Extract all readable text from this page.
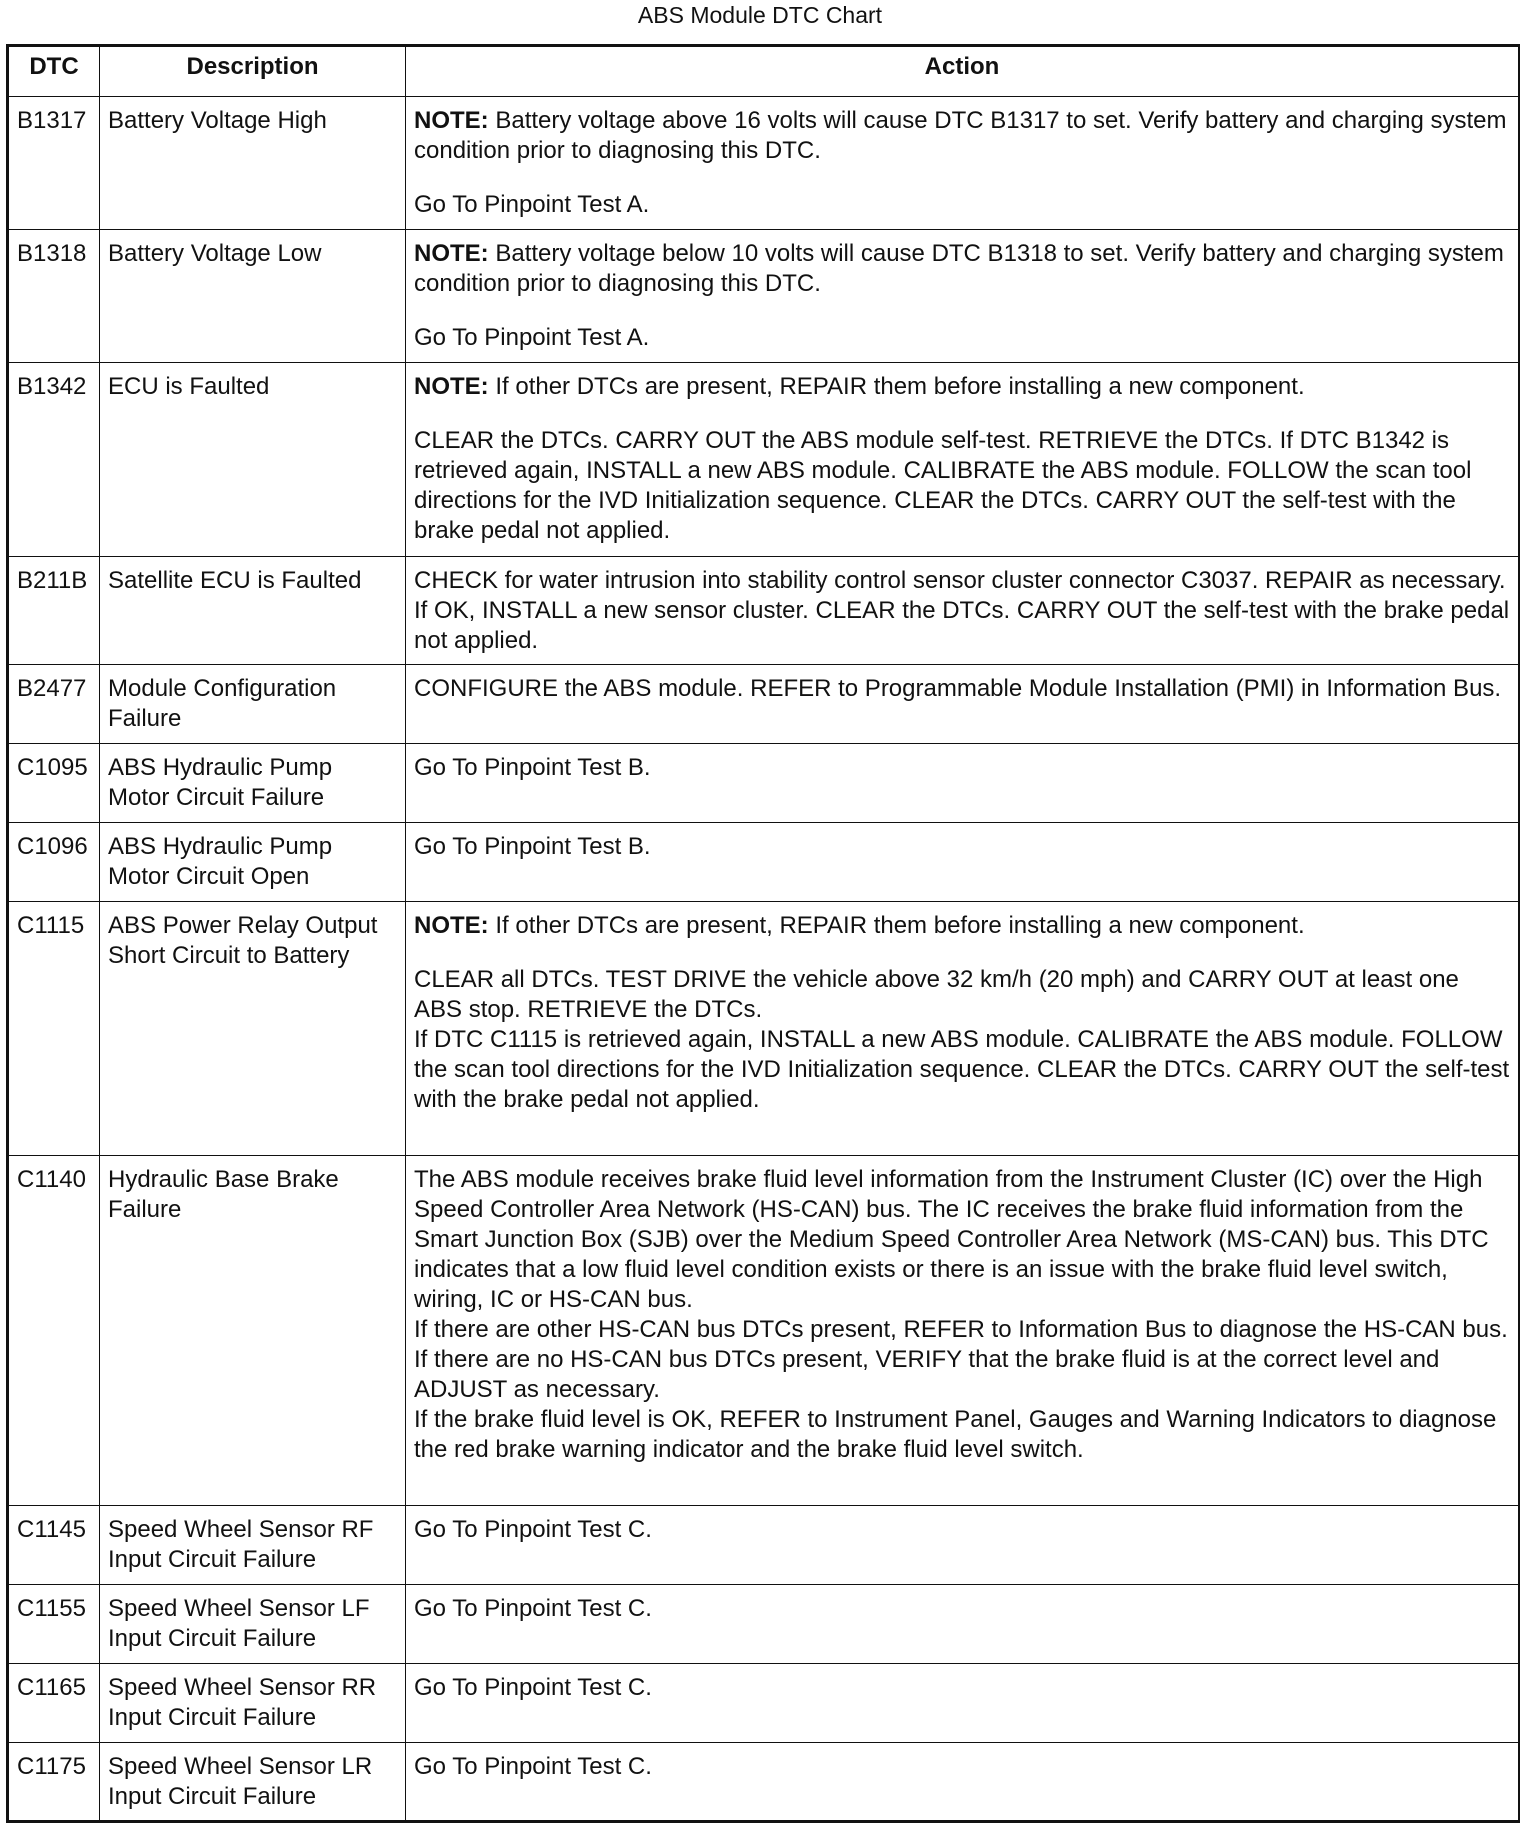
ABS Module DTC Chart
DTC	Description	Action
B1317	Battery Voltage High	NOTE: Battery voltage above 16 volts will cause DTC B1317 to set. Verify battery and charging system condition prior to diagnosing this DTC.

Go To Pinpoint Test A.

B1318	Battery Voltage Low	NOTE: Battery voltage below 10 volts will cause DTC B1318 to set. Verify battery and charging system condition prior to diagnosing this DTC.

Go To Pinpoint Test A.

B1342	ECU is Faulted	NOTE: If other DTCs are present, REPAIR them before installing a new component.

CLEAR the DTCs. CARRY OUT the ABS module self-test. RETRIEVE the DTCs. If DTC B1342 is retrieved again, INSTALL a new ABS module. CALIBRATE the ABS module. FOLLOW the scan tool directions for the IVD Initialization sequence. CLEAR the DTCs. CARRY OUT the self-test with the brake pedal not applied.

B211B	Satellite ECU is Faulted	CHECK for water intrusion into stability control sensor cluster connector C3037. REPAIR as necessary. If OK, INSTALL a new sensor cluster. CLEAR the DTCs. CARRY OUT the self-test with the brake pedal not applied.

B2477	Module Configuration Failure	CONFIGURE the ABS module. REFER to Programmable Module Installation (PMI) in Information Bus.

C1095	ABS Hydraulic Pump Motor Circuit Failure	Go To Pinpoint Test B.

C1096	ABS Hydraulic Pump Motor Circuit Open	Go To Pinpoint Test B.

C1115	ABS Power Relay Output Short Circuit to Battery	NOTE: If other DTCs are present, REPAIR them before installing a new component.

CLEAR all DTCs. TEST DRIVE the vehicle above 32 km/h (20 mph) and CARRY OUT at least one ABS stop. RETRIEVE the DTCs.

If DTC C1115 is retrieved again, INSTALL a new ABS module. CALIBRATE the ABS module. FOLLOW the scan tool directions for the IVD Initialization sequence. CLEAR the DTCs. CARRY OUT the self-test with the brake pedal not applied.

C1140	Hydraulic Base Brake Failure	The ABS module receives brake fluid level information from the Instrument Cluster (IC) over the High Speed Controller Area Network (HS-CAN) bus. The IC receives the brake fluid information from the Smart Junction Box (SJB) over the Medium Speed Controller Area Network (MS-CAN) bus. This DTC indicates that a low fluid level condition exists or there is an issue with the brake fluid level switch, wiring, IC or HS-CAN bus.

If there are other HS-CAN bus DTCs present, REFER to Information Bus to diagnose the HS-CAN bus.

If there are no HS-CAN bus DTCs present, VERIFY that the brake fluid is at the correct level and ADJUST as necessary.

If the brake fluid level is OK, REFER to Instrument Panel, Gauges and Warning Indicators to diagnose the red brake warning indicator and the brake fluid level switch.

C1145	Speed Wheel Sensor RF Input Circuit Failure	Go To Pinpoint Test C.

C1155	Speed Wheel Sensor LF Input Circuit Failure	Go To Pinpoint Test C.

C1165	Speed Wheel Sensor RR Input Circuit Failure	Go To Pinpoint Test C.

C1175	Speed Wheel Sensor LR Input Circuit Failure	Go To Pinpoint Test C.
